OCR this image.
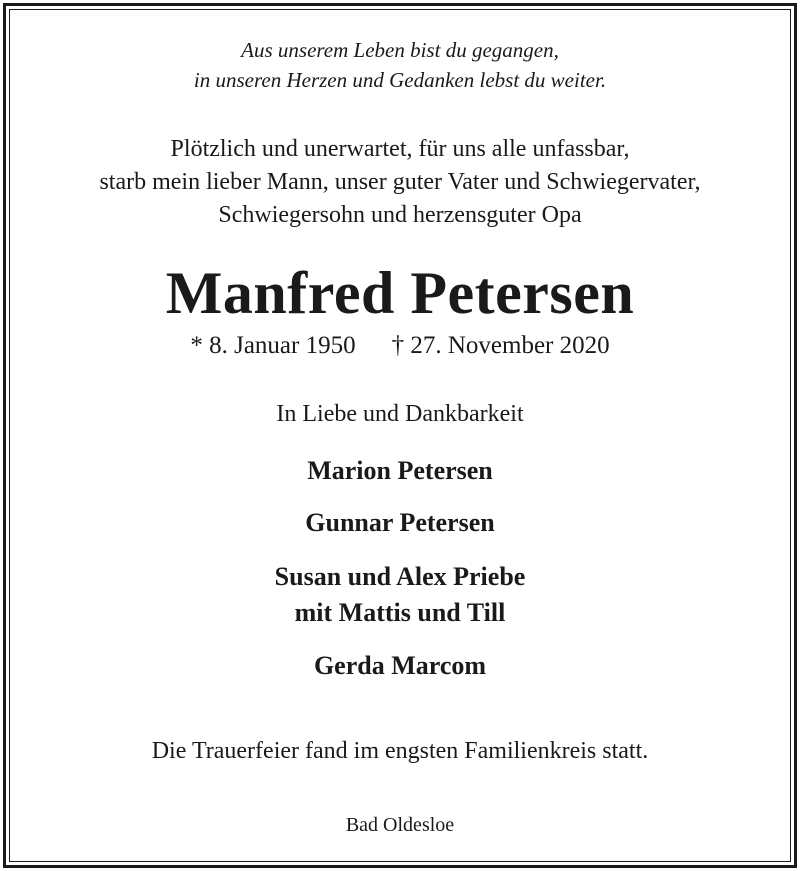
Aus unserem Leben bist du gegangen,
in unseren Herzen und Gedanken lebst du weiter.
Plötzlich und unerwartet, für uns alle unfassbar,
starb mein lieber Mann, unser guter Vater und Schwiegervater,
Schwiegersohn und herzensguter Opa
Manfred Petersen
* 8. Januar 1950 † 27. November 2020
In Liebe und Dankbarkeit
Marion Petersen
Gunnar Petersen
Susan und Alex Priebe
mit Mattis und Till
Gerda Marcom
Die Trauerfeier fand im engsten Familienkreis statt.
Bad Oldesloe
